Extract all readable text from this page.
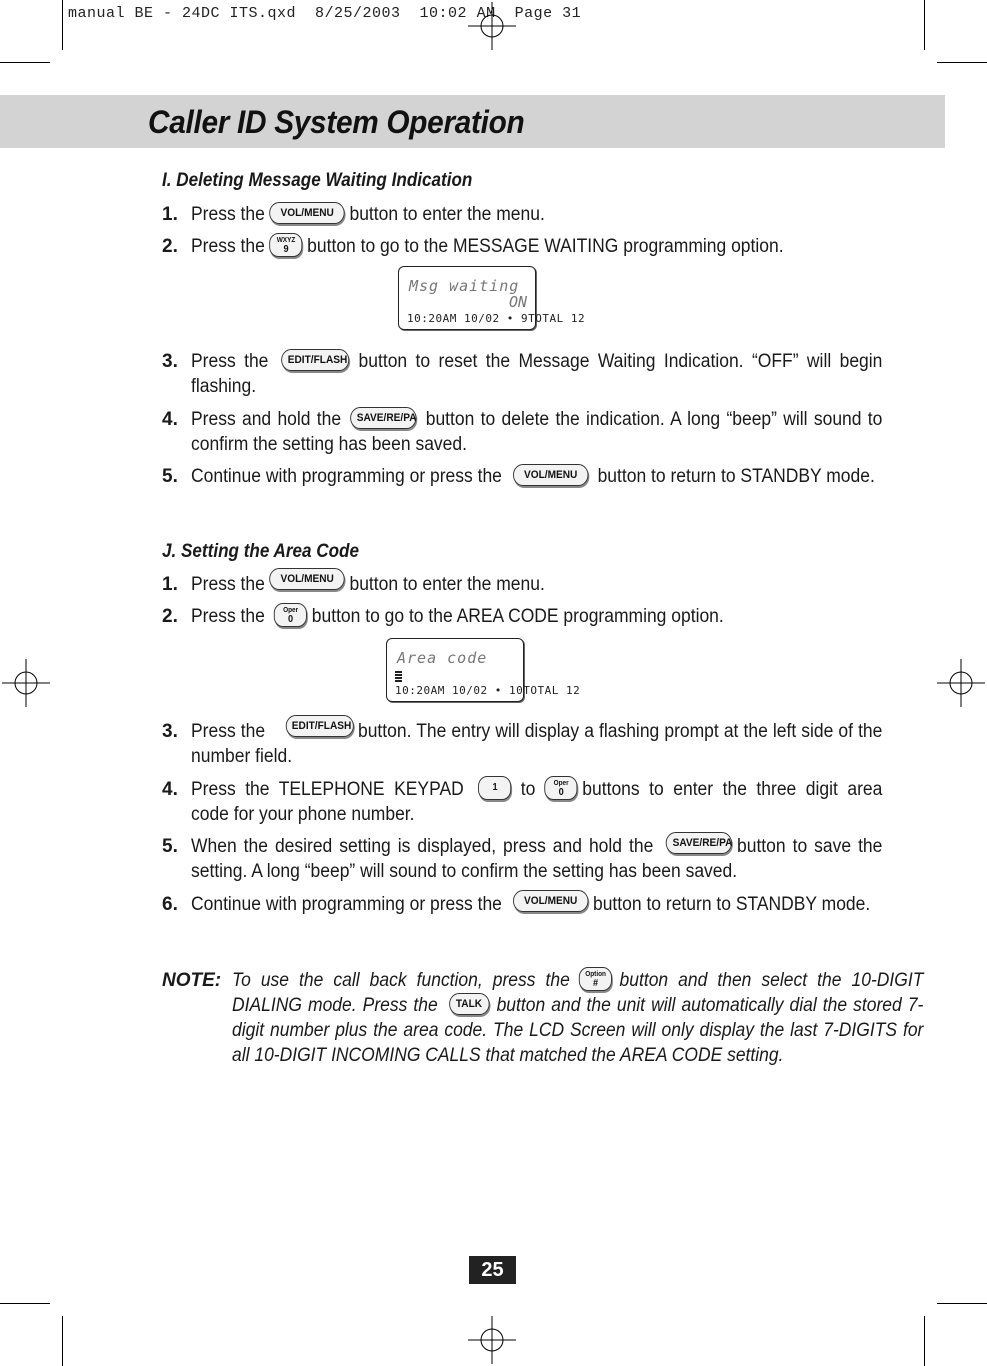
manual BE - 24DC ITS.qxd  8/25/2003  10:02 AM  Page 31
Caller ID System Operation
I. Deleting Message Waiting Indication
1. Press the VOL/MENU button to enter the menu.
2. Press the	WXYZ
9 button to go to the MESSAGE WAITING programming option.
Msg waiting
ON
10:20AM 10/02 • 9TOTAL 12
3. Press the EDIT/FLASH button to reset the Message Waiting Indication. “OFF” will begin flashing.
4. Press and hold the SAVE/RE/PA button to delete the indication. A long “beep” will sound to confirm the setting has been saved.
5. Continue with programming or press the VOL/MENU button to return to STANDBY mode.
J. Setting the Area Code
1. Press the VOL/MENU button to enter the menu.
2. Press the	Oper
0 button to go to the AREA CODE programming option.
Area code
10:20AM 10/02 • 10TOTAL 12
3. Press the EDIT/FLASH button. The entry will display a flashing prompt at the left side of the number field.
4. Press the TELEPHONE KEYPAD	1	to	Oper
0 buttons to enter the three digit area code for your phone number.
5. When the desired setting is displayed, press and hold the SAVE/RE/PA button to save the setting. A long “beep” will sound to confirm the setting has been saved.
6. Continue with programming or press the VOL/MENU button to return to STANDBY mode.
NOTE: To use the call back function, press the Option
#	button and then select the 10-DIGIT DIALING mode. Press the TALK button and the unit will automatically dial the stored 7-digit number plus the area code. The LCD Screen will only display the last 7-DIGITS for all 10-DIGIT INCOMING CALLS that matched the AREA CODE setting.
25
